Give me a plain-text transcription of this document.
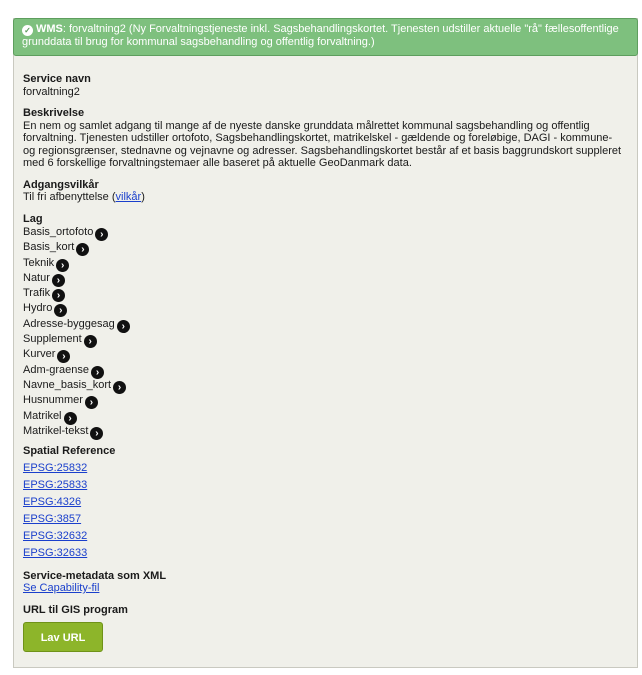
✓ WMS: forvaltning2 (Ny Forvaltningstjeneste inkl. Sagsbehandlingskortet. Tjenesten udstiller aktuelle "rå" fællesoffentlige grunddata til brug for kommunal sagsbehandling og offentlig forvaltning.)
Service navn
forvaltning2
Beskrivelse
En nem og samlet adgang til mange af de nyeste danske grunddata målrettet kommunal sagsbehandling og offentlig forvaltning. Tjenesten udstiller ortofoto, Sagsbehandlingskortet, matrikelskel - gældende og foreløbige, DAGI - kommune- og regionsgrænser, stednavne og vejnavne og adresser. Sagsbehandlingskortet består af et basis baggrundskort suppleret med 6 forskellige forvaltningstemaer alle baseret på aktuelle GeoDanmark data.
Adgangsvilkår
Til fri afbenyttelse (vilkår)
Lag
Basis_ortofoto ›
Basis_kort ›
Teknik ›
Natur ›
Trafik ›
Hydro ›
Adresse-byggesag ›
Supplement ›
Kurver ›
Adm-graense ›
Navne_basis_kort ›
Husnummer ›
Matrikel ›
Matrikel-tekst ›
Spatial Reference
EPSG:25832
EPSG:25833
EPSG:4326
EPSG:3857
EPSG:32632
EPSG:32633
Service-metadata som XML
Se Capability-fil
URL til GIS program
Lav URL
